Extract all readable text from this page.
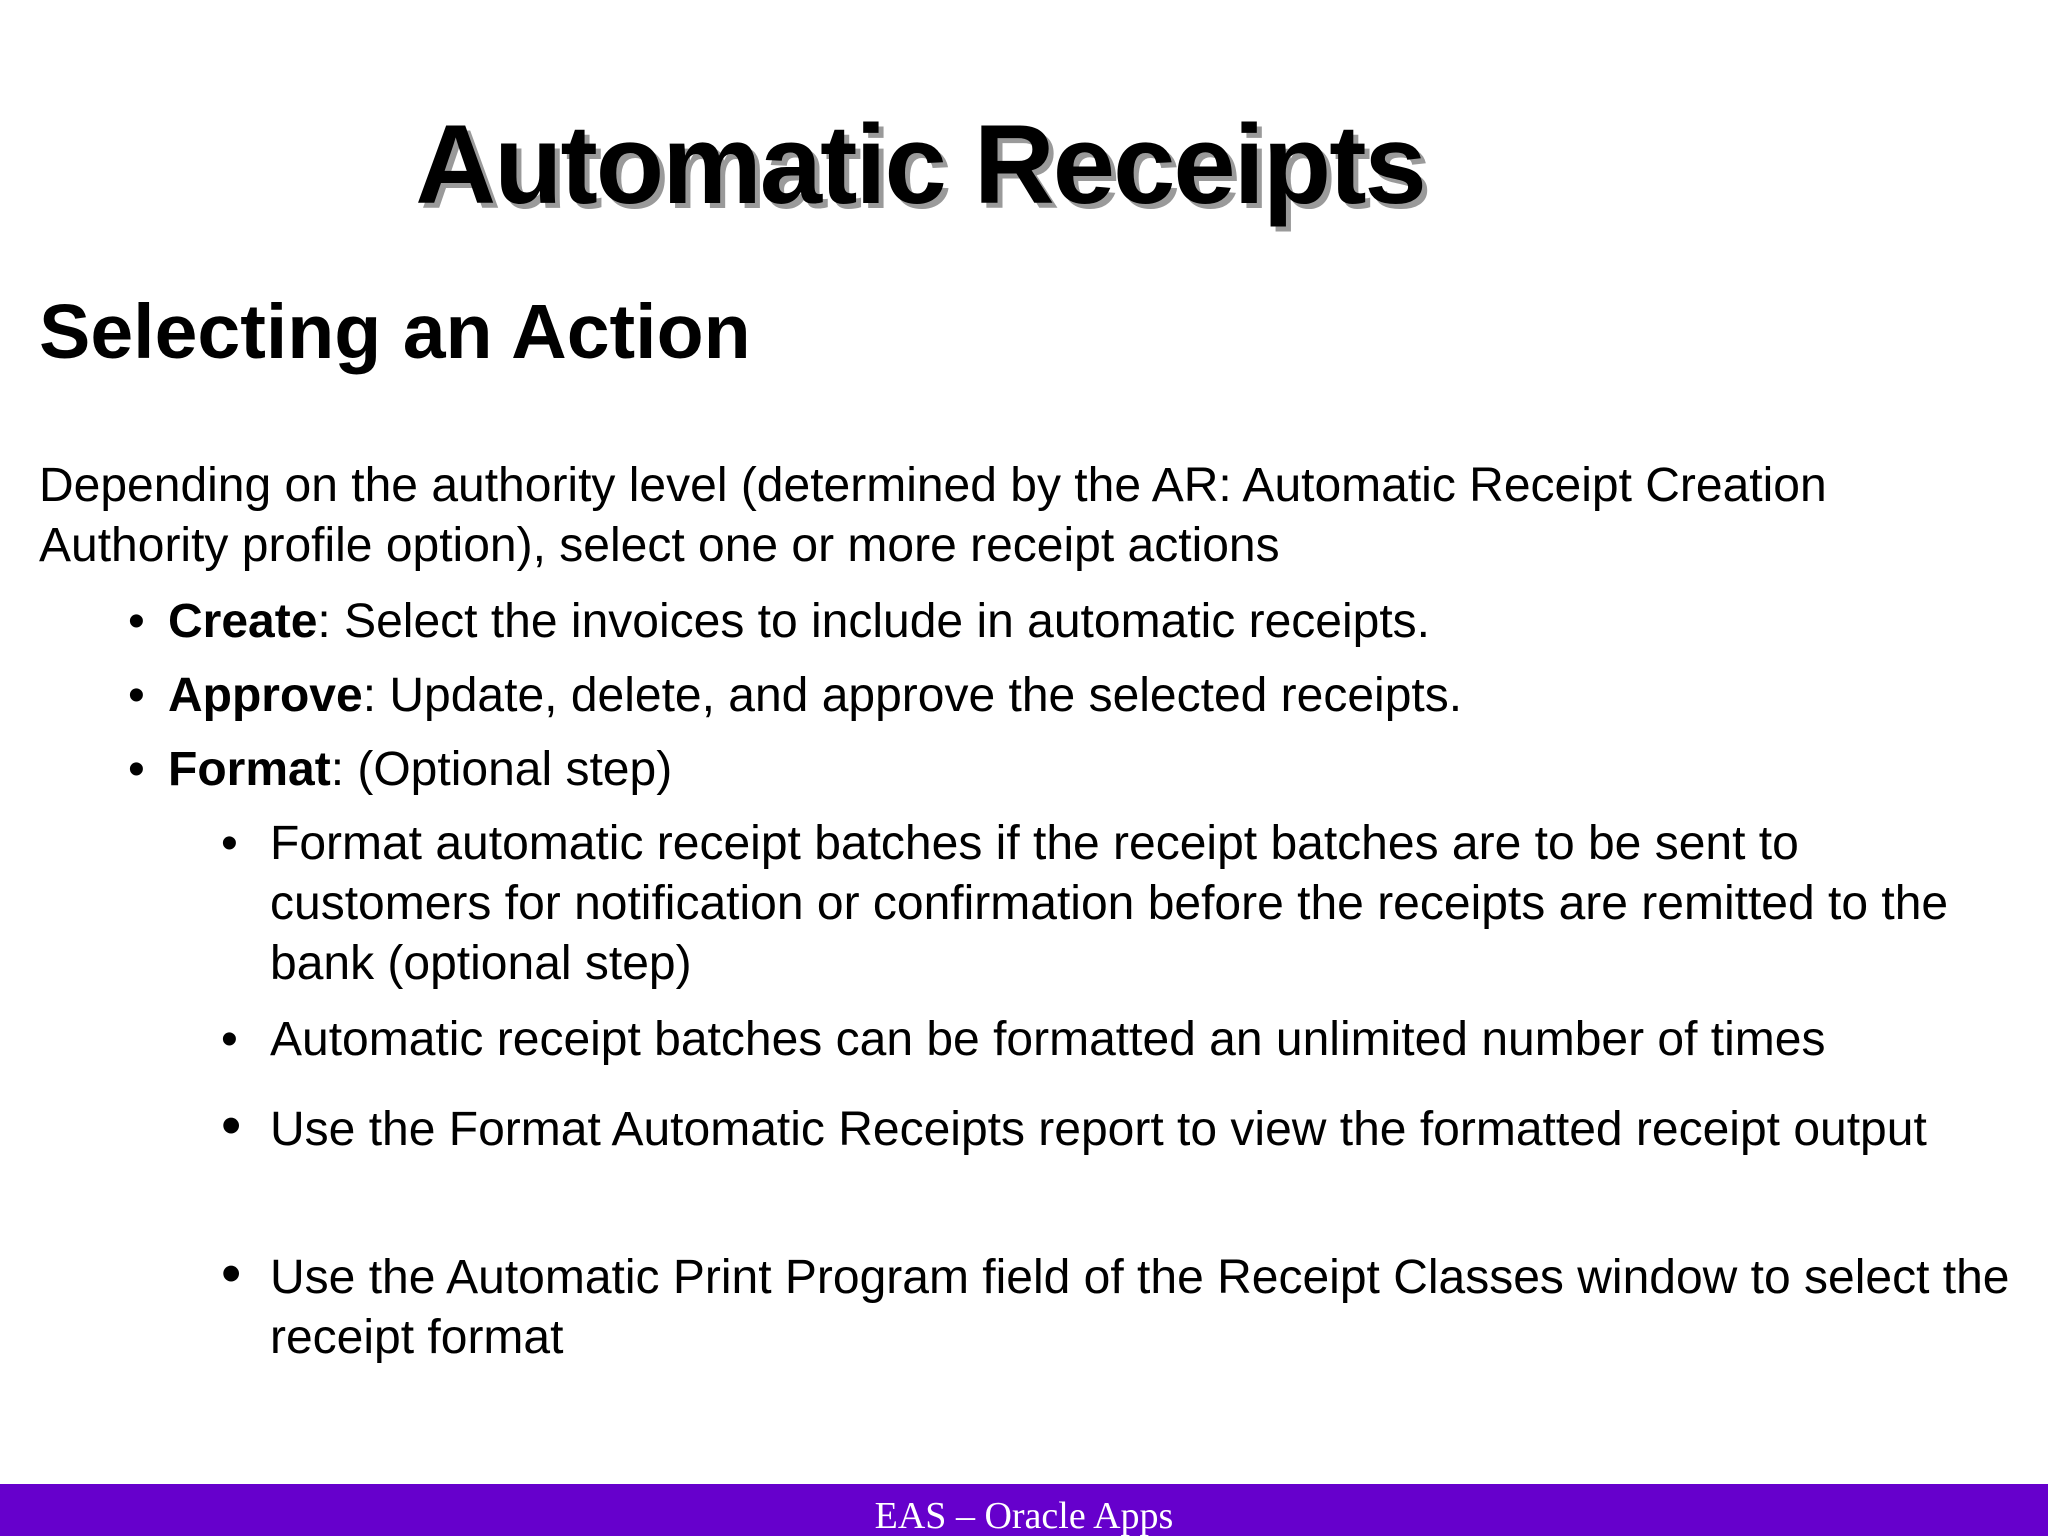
Automatic Receipts
Selecting an Action
Depending on the authority level (determined by the AR: Automatic Receipt Creation Authority profile option), select one or more receipt actions
• Create: Select the invoices to include in automatic receipts.
• Approve: Update, delete, and approve the selected receipts.
• Format: (Optional step)
• Format automatic receipt batches if the receipt batches are to be sent to customers for notification or confirmation before the receipts are remitted to the bank (optional step)
• Automatic receipt batches can be formatted an unlimited number of times
• Use the Format Automatic Receipts report to view the formatted receipt output
• Use the Automatic Print Program field of the Receipt Classes window to select the receipt format
EAS – Oracle Apps
